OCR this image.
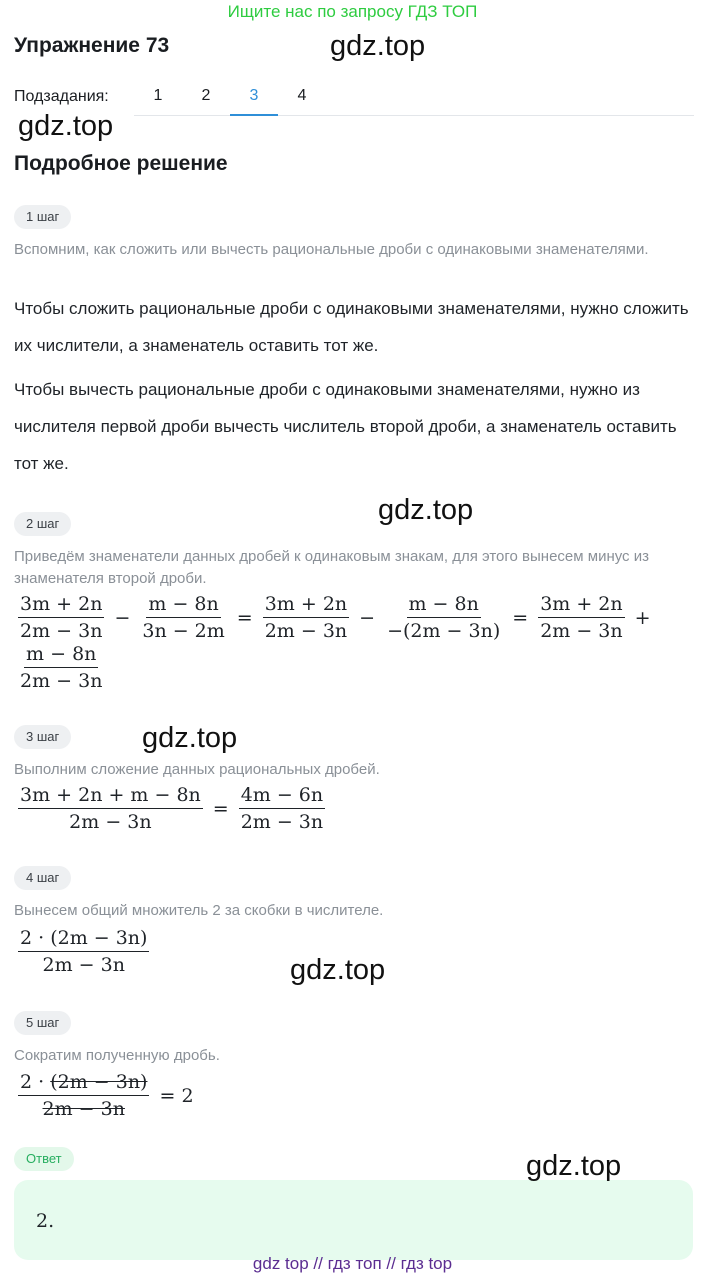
Ищите нас по запросу ГДЗ ТОП
Упражнение 73
Подзадания:	1	2	3	4
Подробное решение
1 шаг
Вспомним, как сложить или вычесть рациональные дроби с одинаковыми знаменателями.
Чтобы сложить рациональные дроби с одинаковыми знаменателями, нужно сложить их числители, а знаменатель оставить тот же.
Чтобы вычесть рациональные дроби с одинаковыми знаменателями, нужно из числителя первой дроби вычесть числитель второй дроби, а знаменатель оставить тот же.
2 шаг
Приведём знаменатели данных дробей к одинаковым знакам, для этого вынесем минус из знаменателя второй дроби.
$\frac{3m + 2n}{2m - 3n} - \frac{m - 8n}{3n - 2m} = \frac{3m + 2n}{2m - 3n} - \frac{m - 8n}{-(2m - 3n)} = \frac{3m + 2n}{2m - 3n}$ +
$\frac{m - 8n}{2m - 3n}$
3 шаг
Выполним сложение данных рациональных дробей.
$\frac{3m + 2n + m - 8n}{2m - 3n} = \frac{4m - 6n}{2m - 3n}$
4 шаг
Вынесем общий множитель 2 за скобки в числителе.
$\frac{2 \cdot (2m - 3n)}{2m - 3n}$
5 шаг
Сократим полученную дробь.
$\frac{2 \cdot (2m - 3n)}{2m - 3n} = 2$
Ответ
2.
gdz.top
gdz.top
gdz.top
gdz.top
gdz.top
gdz.top
gdz top // гдз топ // гдз top
